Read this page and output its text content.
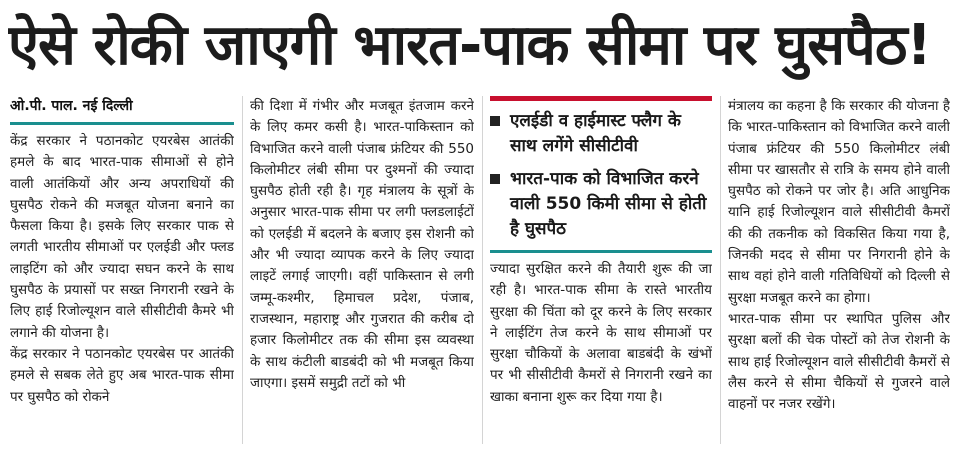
ऐसे रोकी जाएगी भारत-पाक सीमा पर घुसपैठ!
ओ.पी. पाल. नई दिल्ली

केंद्र सरकार ने पठानकोट एयरबेस आतंकी हमले के बाद भारत-पाक सीमाओं से होने वाली आतंकियों और अन्य अपराधियों की घुसपैठ रोकने की मजबूत योजना बनाने का फैसला किया है। इसके लिए सरकार पाक से लगती भारतीय सीमाओं पर एलईडी और फ्लड लाइटिंग को और ज्यादा सघन करने के साथ घुसपैठ के प्रयासों पर सख्त निगरानी रखने के लिए हाई रिजोल्यूशन वाले सीसीटीवी कैमरे भी लगाने की योजना है।

केंद्र सरकार ने पठानकोट एयरबेस पर आतंकी हमले से सबक लेते हुए अब भारत-पाक सीमा पर घुसपैठ को रोकने

की दिशा में गंभीर और मजबूत इंतजाम करने के लिए कमर कसी है। भारत-पाकिस्तान को विभाजित करने वाली पंजाब फ्रंटियर की 550 किलोमीटर लंबी सीमा पर दुश्मनों की ज्यादा घुसपैठ होती रही है। गृह मंत्रालय के सूत्रों के अनुसार भारत-पाक सीमा पर लगी फ्लडलाईटों को एलईडी में बदलने के बजाए इस रोशनी को और भी ज्यादा व्यापक करने के लिए ज्यादा लाइटें लगाई जाएगी। वहीं पाकिस्तान से लगी जम्मू-कश्मीर, हिमाचल प्रदेश, पंजाब, राजस्थान, महाराष्ट्र और गुजरात की करीब दो हजार किलोमीटर तक की सीमा इस व्यवस्था के साथ कंटीली बाडबंदी को भी मजबूत किया जाएगा। इसमें समुद्री तटों को भी

एलईडी व हाईमास्ट फ्लैग के साथ लगेंगे सीसीटीवी
भारत-पाक को विभाजित करने वाली 550 किमी सीमा से होती है घुसपैठ

ज्यादा सुरक्षित करने की तैयारी शुरू की जा रही है। भारत-पाक सीमा के रास्ते भारतीय सुरक्षा की चिंता को दूर करने के लिए सरकार ने लाईटिंग तेज करने के साथ सीमाओं पर सुरक्षा चौकियों के अलावा बाडबंदी के खंभों पर भी सीसीटीवी कैमरों से निगरानी रखने का खाका बनाना शुरू कर दिया गया है।

मंत्रालय का कहना है कि सरकार की योजना है कि भारत-पाकिस्तान को विभाजित करने वाली पंजाब फ्रंटियर की 550 किलोमीटर लंबी सीमा पर खासतौर से रात्रि के समय होने वाली घुसपैठ को रोकने पर जोर है। अति आधुनिक यानि हाई रिजोल्यूशन वाले सीसीटीवी कैमरों की की तकनीक को विकसित किया गया है, जिनकी मदद से सीमा पर निगरानी होने के साथ वहां होने वाली गतिविधियों को दिल्ली से सुरक्षा मजबूत करने का होगा।

भारत-पाक सीमा पर स्थापित पुलिस और सुरक्षा बलों की चेक पोस्टों को तेज रोशनी के साथ हाई रिजोल्यूशन वाले सीसीटीवी कैमरों से लैस करने से सीमा चैकियों से गुजरने वाले वाहनों पर नजर रखेंगे।
